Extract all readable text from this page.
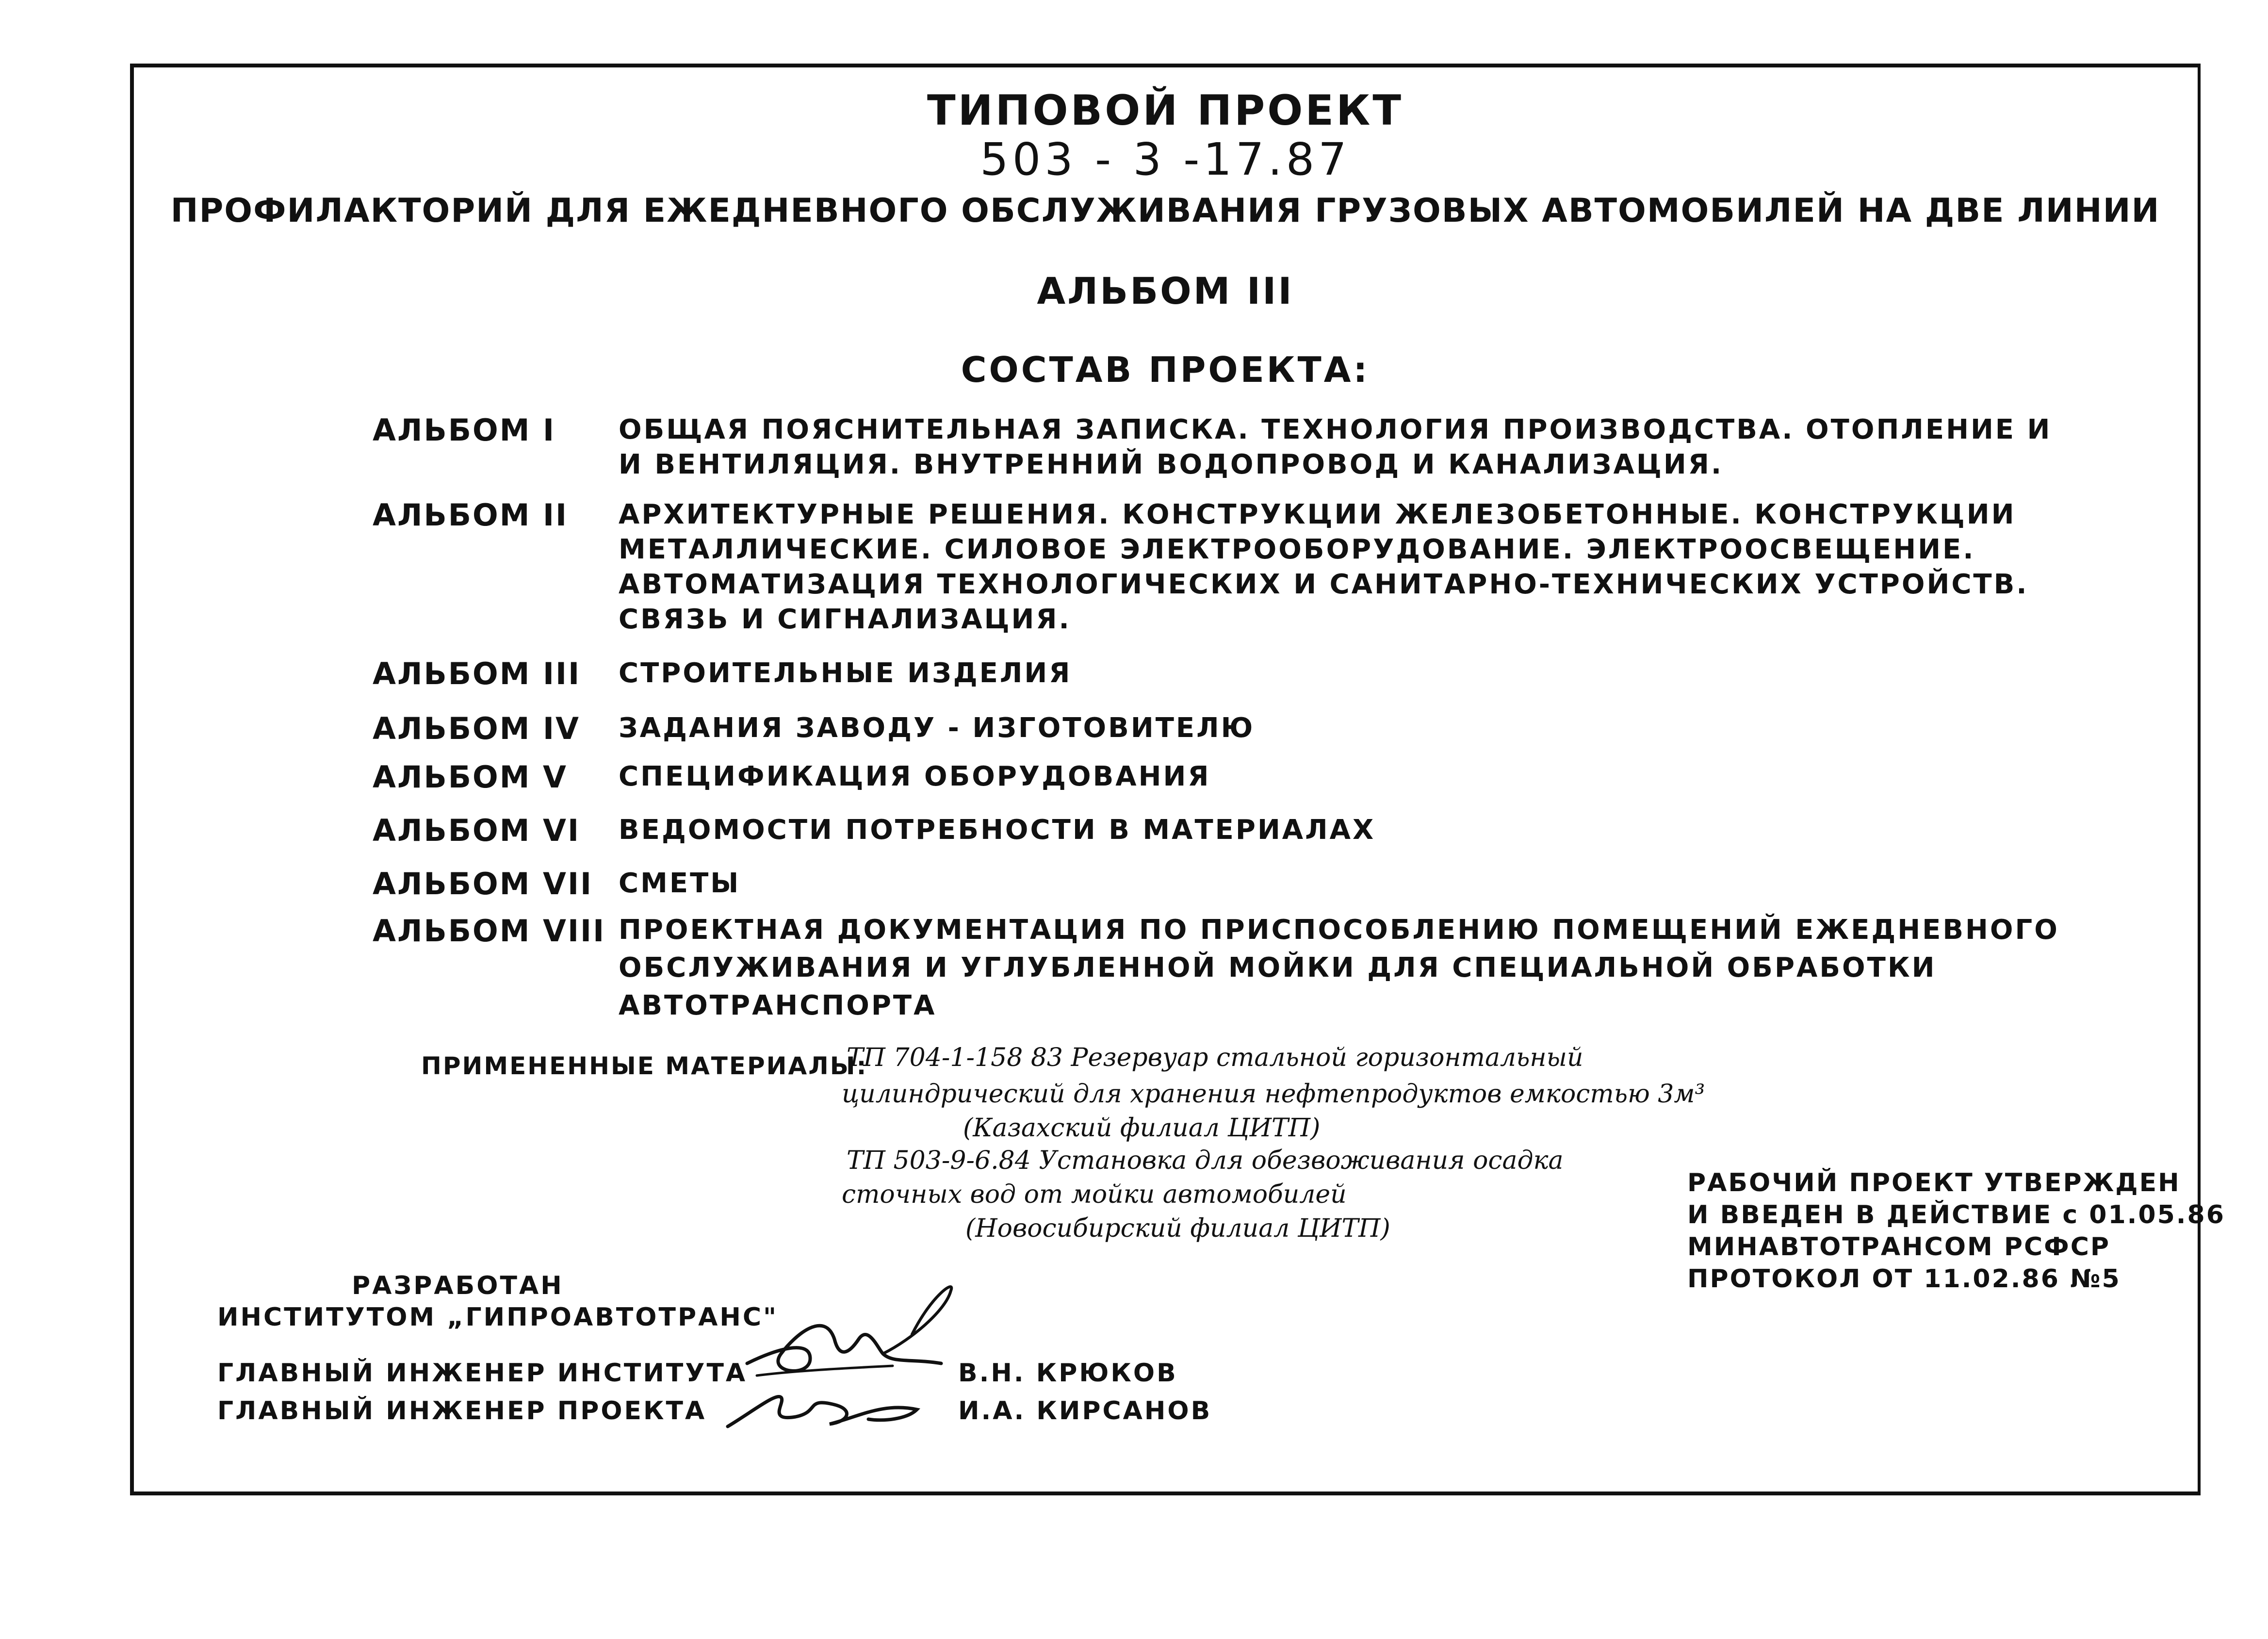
ТИПОВОЙ ПРОЕКТ
503 - 3 -17.87
ПРОФИЛАКТОРИЙ ДЛЯ ЕЖЕДНЕВНОГО ОБСЛУЖИВАНИЯ ГРУЗОВЫХ АВТОМОБИЛЕЙ НА ДВЕ ЛИНИИ
АЛЬБОМ III
СОСТАВ ПРОЕКТА:
АЛЬБОМ I ОБЩАЯ ПОЯСНИТЕЛЬНАЯ ЗАПИСКА. ТЕХНОЛОГИЯ ПРОИЗВОДСТВА. ОТОПЛЕНИЕ И
И ВЕНТИЛЯЦИЯ. ВНУТРЕННИЙ ВОДОПРОВОД И КАНАЛИЗАЦИЯ.
АЛЬБОМ II АРХИТЕКТУРНЫЕ РЕШЕНИЯ. КОНСТРУКЦИИ ЖЕЛЕЗОБЕТОННЫЕ. КОНСТРУКЦИИ
МЕТАЛЛИЧЕСКИЕ. СИЛОВОЕ ЭЛЕКТРООБОРУДОВАНИЕ. ЭЛЕКТРООСВЕЩЕНИЕ.
АВТОМАТИЗАЦИЯ ТЕХНОЛОГИЧЕСКИХ И САНИТАРНО-ТЕХНИЧЕСКИХ УСТРОЙСТВ.
СВЯЗЬ И СИГНАЛИЗАЦИЯ.
АЛЬБОМ III СТРОИТЕЛЬНЫЕ ИЗДЕЛИЯ
АЛЬБОМ IV ЗАДАНИЯ ЗАВОДУ - ИЗГОТОВИТЕЛЮ
АЛЬБОМ V СПЕЦИФИКАЦИЯ ОБОРУДОВАНИЯ
АЛЬБОМ VI ВЕДОМОСТИ ПОТРЕБНОСТИ В МАТЕРИАЛАХ
АЛЬБОМ VII СМЕТЫ
АЛЬБОМ VIII ПРОЕКТНАЯ ДОКУМЕНТАЦИЯ ПО ПРИСПОСОБЛЕНИЮ ПОМЕЩЕНИЙ ЕЖЕДНЕВНОГО
ОБСЛУЖИВАНИЯ И УГЛУБЛЕННОЙ МОЙКИ ДЛЯ СПЕЦИАЛЬНОЙ ОБРАБОТКИ
АВТОТРАНСПОРТА
ПРИМЕНЕННЫЕ МАТЕРИАЛЫ:
ТП 704-1-158 83 Резервуар стальной горизонтальный
цилиндрический для хранения нефтепродуктов емкостью 3м³
(Казахский филиал ЦИТП)
ТП 503-9-6.84 Установка для обезвоживания осадка
сточных вод от мойки автомобилей
(Новосибирский филиал ЦИТП)
РАБОЧИЙ ПРОЕКТ УТВЕРЖДЕН
И ВВЕДЕН В ДЕЙСТВИЕ с 01.05.86
МИНАВТОТРАНСОМ РСФСР
ПРОТОКОЛ ОТ 11.02.86 №5
РАЗРАБОТАН
ИНСТИТУТОМ „ГИПРОАВТОТРАНС"
ГЛАВНЫЙ ИНЖЕНЕР ИНСТИТУТА	В.Н. КРЮКОВ
ГЛАВНЫЙ ИНЖЕНЕР ПРОЕКТА	И.А. КИРСАНОВ
